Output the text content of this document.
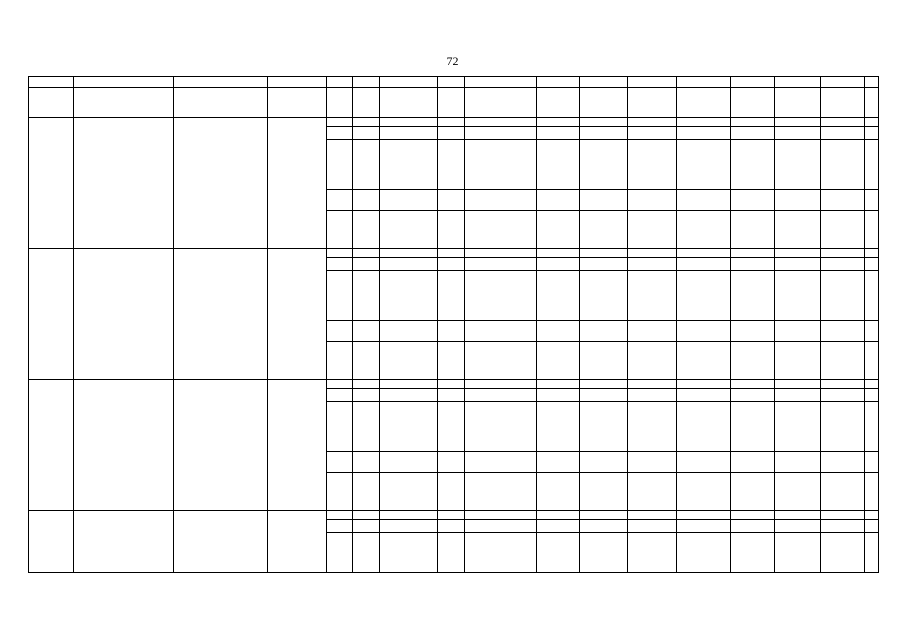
72
